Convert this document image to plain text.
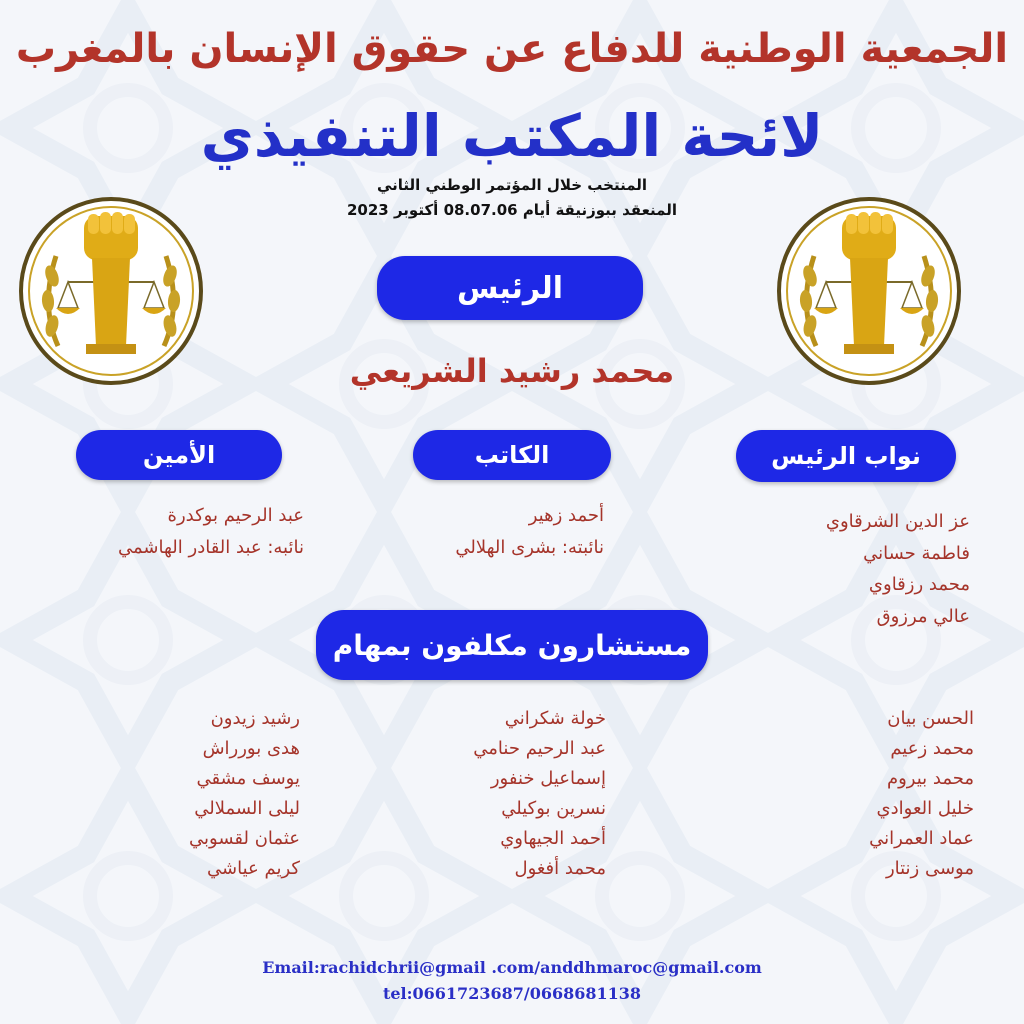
الجمعية الوطنية للدفاع عن حقوق الإنسان بالمغرب
لائحة المكتب التنفيذي
المنتخب خلال المؤتمر الوطني الثاني
المنعقد ببوزنيقة أيام 08.07.06 أكتوبر 2023
الرئيس
محمد رشيد الشريعي
الأمين
عبد الرحيم بوكدرة
نائبه: عبد القادر الهاشمي
الكاتب
أحمد زهير
نائبته: بشرى الهلالي
نواب الرئيس
عز الدين الشرقاوي
فاطمة حساني
محمد رزقاوي
عالي مرزوق
مستشارون مكلفون بمهام
الحسن بيان
محمد زعيم
محمد بيروم
خليل العوادي
عماد العمراني
موسى زنتار
خولة شكراني
عبد الرحيم حنامي
إسماعيل خنفور
نسرين بوكيلي
أحمد الجيهاوي
محمد أفغول
رشيد زيدون
هدى بورراش
يوسف مشقي
ليلى السملالي
عثمان لقسوبي
كريم عياشي
Email:rachidchrii@gmail .com/anddhmaroc@gmail.com
tel:0661723687/0668681138
